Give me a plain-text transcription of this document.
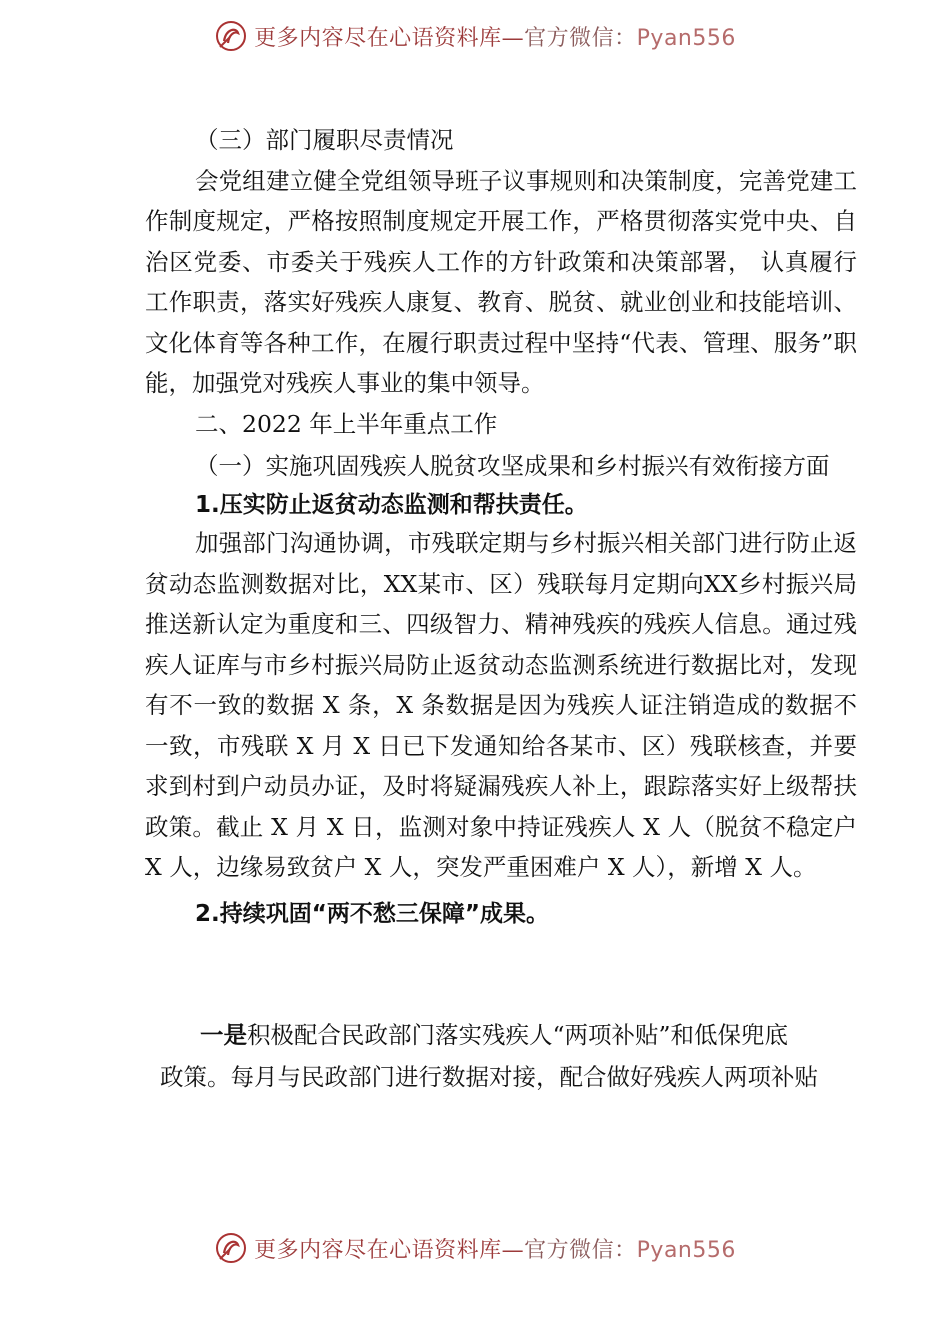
更多内容尽在心语资料库—官方微信：Pyan556

（三）部门履职尽责情况

会党组建立健全党组领导班子议事规则和决策制度，完善党建工作制度规定，严格按照制度规定开展工作，严格贯彻落实党中央、自治区党委、市委关于残疾人工作的方针政策和决策部署， 认真履行工作职责，落实好残疾人康复、教育、脱贫、就业创业和技能培训、文化体育等各种工作，在履行职责过程中坚持“代表、管理、服务”职能，加强党对残疾人事业的集中领导。

二、2022 年上半年重点工作

（一）实施巩固残疾人脱贫攻坚成果和乡村振兴有效衔接方面

1.压实防止返贫动态监测和帮扶责任。

加强部门沟通协调，市残联定期与乡村振兴相关部门进行防止返贫动态监测数据对比，XX某市、区）残联每月定期向XX乡村振兴局推送新认定为重度和三、四级智力、精神残疾的残疾人信息。通过残疾人证库与市乡村振兴局防止返贫动态监测系统进行数据比对，发现有不一致的数据 X 条，X 条数据是因为残疾人证注销造成的数据不一致，市残联 X 月 X 日已下发通知给各某市、区）残联核查，并要求到村到户动员办证，及时将疑漏残疾人补上，跟踪落实好上级帮扶政策。截止 X 月 X 日，监测对象中持证残疾人 X 人（脱贫不稳定户 X 人，边缘易致贫户 X 人，突发严重困难户 X 人），新增 X 人。

2.持续巩固“两不愁三保障”成果。

一是积极配合民政部门落实残疾人“两项补贴”和低保兜底
政策。每月与民政部门进行数据对接，配合做好残疾人两项补贴
更多内容尽在心语资料库—官方微信：Pyan556
